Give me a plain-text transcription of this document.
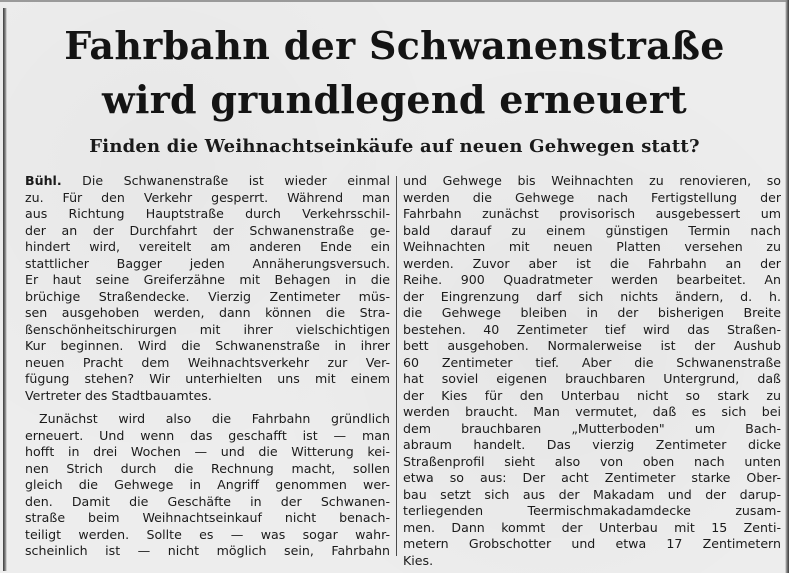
Fahrbahn der Schwanenstraße
wird grundlegend erneuert
Finden die Weihnachtseinkäufe auf neuen Gehwegen statt?

Bühl. Die Schwanenstraße ist wieder einmal

zu. Für den Verkehr gesperrt. Während man

aus Richtung Hauptstraße durch Verkehrsschil-

der an der Durchfahrt der Schwanenstraße ge-

hindert wird, vereitelt am anderen Ende ein

stattlicher Bagger jeden Annäherungsversuch.

Er haut seine Greiferzähne mit Behagen in die

brüchige Straßendecke. Vierzig Zentimeter müs-

sen ausgehoben werden, dann können die Stra-

ßenschönheitschirurgen mit ihrer vielschichtigen

Kur beginnen. Wird die Schwanenstraße in ihrer

neuen Pracht dem Weihnachtsverkehr zur Ver-

fügung stehen? Wir unterhielten uns mit einem

Vertreter des Stadtbauamtes.

Zunächst wird also die Fahrbahn gründlich

erneuert. Und wenn das geschafft ist — man

hofft in drei Wochen — und die Witterung kei-

nen Strich durch die Rechnung macht, sollen

gleich die Gehwege in Angriff genommen wer-

den. Damit die Geschäfte in der Schwanen-

straße beim Weihnachtseinkauf nicht benach-

teiligt werden. Sollte es — was sogar wahr-

scheinlich ist — nicht möglich sein, Fahrbahn

und Gehwege bis Weihnachten zu renovieren, so

werden die Gehwege nach Fertigstellung der

Fahrbahn zunächst provisorisch ausgebessert um

bald darauf zu einem günstigen Termin nach

Weihnachten mit neuen Platten versehen zu

werden. Zuvor aber ist die Fahrbahn an der

Reihe. 900 Quadratmeter werden bearbeitet. An

der Eingrenzung darf sich nichts ändern, d. h.

die Gehwege bleiben in der bisherigen Breite

bestehen. 40 Zentimeter tief wird das Straßen-

bett ausgehoben. Normalerweise ist der Aushub

60 Zentimeter tief. Aber die Schwanenstraße

hat soviel eigenen brauchbaren Untergrund, daß

der Kies für den Unterbau nicht so stark zu

werden braucht. Man vermutet, daß es sich bei

dem brauchbaren „Mutterboden" um Bach-

abraum handelt. Das vierzig Zentimeter dicke

Straßenprofil sieht also von oben nach unten

etwa so aus: Der acht Zentimeter starke Ober-

bau setzt sich aus der Makadam und der darup-

terliegenden Teermischmakadamdecke zusam-

men. Dann kommt der Unterbau mit 15 Zenti-

metern Grobschotter und etwa 17 Zentimetern

Kies.
